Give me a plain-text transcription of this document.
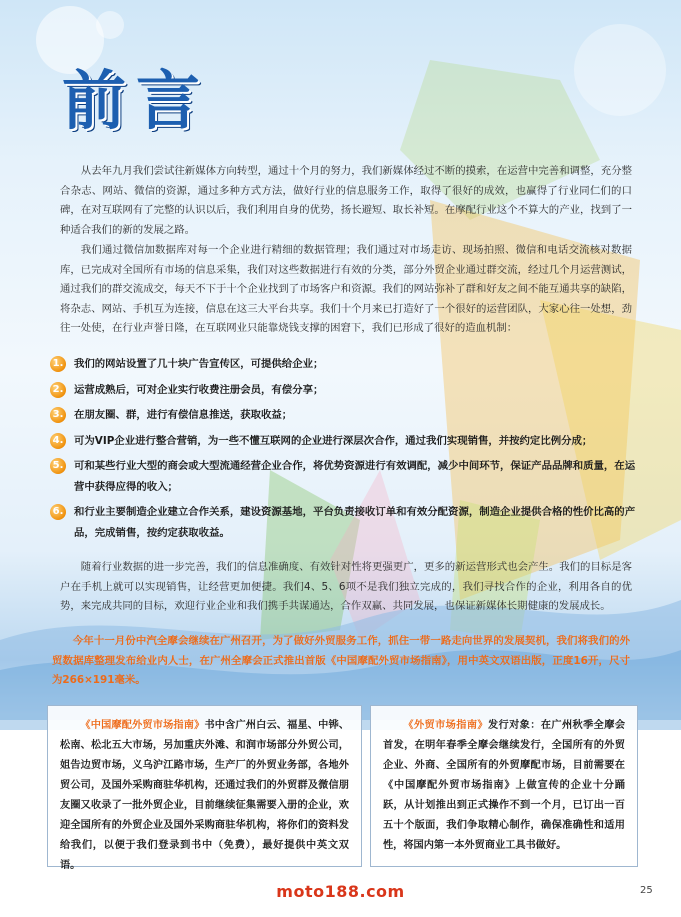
前言

从去年九月我们尝试往新媒体方向转型，通过十个月的努力，我们新媒体经过不断的摸索，在运营中完善和调整，充分整合杂志、网站、微信的资源，通过多种方式方法，做好行业的信息服务工作，取得了很好的成效，也赢得了行业同仁们的口碑，在对互联网有了完整的认识以后，我们利用自身的优势，扬长避短、取长补短。在摩配行业这个不算大的产业，找到了一种适合我们的新的发展之路。

我们通过微信加数据库对每一个企业进行精细的数据管理；我们通过对市场走访、现场拍照、微信和电话交流核对数据库，已完成对全国所有市场的信息采集，我们对这些数据进行有效的分类，部分外贸企业通过群交流，经过几个月运营测试，通过我们的群交流成交，每天不下于十个企业找到了市场客户和资源。我们的网站弥补了群和好友之间不能互通共享的缺陷，将杂志、网站、手机互为连接，信息在这三大平台共享。我们十个月来已打造好了一个很好的运营团队，大家心往一处想，劲往一处使，在行业声誉日隆，在互联网业只能靠烧钱支撑的困窘下，我们已形成了很好的造血机制：

1. 我们的网站设置了几十块广告宣传区，可提供给企业；
2. 运营成熟后，可对企业实行收费注册会员，有偿分享；
3. 在朋友圈、群，进行有偿信息推送，获取收益；
4. 可为VIP企业进行整合营销，为一些不懂互联网的企业进行深层次合作，通过我们实现销售，并按约定比例分成；
5. 可和某些行业大型的商会或大型流通经营企业合作，将优势资源进行有效调配，减少中间环节，保证产品品牌和质量，在运营中获得应得的收入；
6. 和行业主要制造企业建立合作关系，建设资源基地，平台负责接收订单和有效分配资源，制造企业提供合格的性价比高的产品，完成销售，按约定获取收益。

随着行业数据的进一步完善，我们的信息准确度、有效针对性将更强更广，更多的新运营形式也会产生。我们的目标是客户在手机上就可以实现销售，让经营更加便捷。我们4、5、6项不是我们独立完成的，我们寻找合作的企业，利用各自的优势，来完成共同的目标，欢迎行业企业和我们携手共谋通达，合作双赢、共同发展，也保证新媒体长期健康的发展成长。

今年十一月份中汽全摩会继续在广州召开，为了做好外贸服务工作，抓住一带一路走向世界的发展契机，我们将我们的外贸数据库整理发布给业内人士，在广州全摩会正式推出首版《中国摩配外贸市场指南》，用中英文双语出版，正度16开，尺寸为266×191毫米。

《中国摩配外贸市场指南》书中含广州白云、福星、中铧、松南、松北五大市场，另加重庆外滩、和润市场部分外贸公司，姐告边贸市场，义乌沪江路市场，生产厂的外贸业务部，各地外贸公司，及国外采购商驻华机构，还通过我们的外贸群及微信朋友圈又收录了一批外贸企业，目前继续征集需要入册的企业，欢迎全国所有的外贸企业及国外采购商驻华机构，将你们的资料发给我们，以便于我们登录到书中（免费），最好提供中英文双语。
《外贸市场指南》发行对象：在广州秋季全摩会首发，在明年春季全摩会继续发行，全国所有的外贸企业、外商、全国所有的外贸摩配市场，目前需要在《中国摩配外贸市场指南》上做宣传的企业十分踊跃，从计划推出到正式操作不到一个月，已订出一百五十个版面，我们争取精心制作，确保准确性和适用性，将国内第一本外贸商业工具书做好。

moto188.com	25
